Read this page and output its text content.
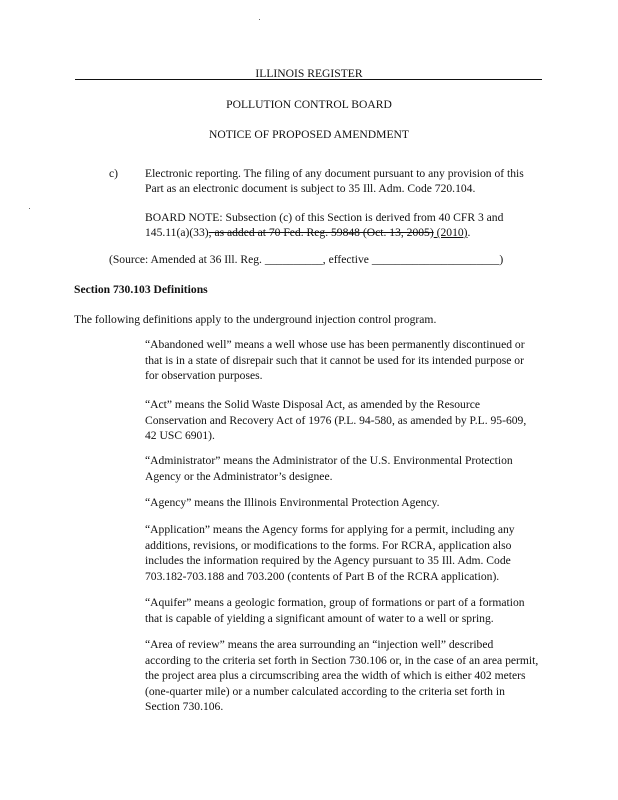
ILLINOIS REGISTER
POLLUTION CONTROL BOARD
NOTICE OF PROPOSED AMENDMENT
c) Electronic reporting. The filing of any document pursuant to any provision of this
Part as an electronic document is subject to 35 Ill. Adm. Code 720.104.
BOARD NOTE: Subsection (c) of this Section is derived from 40 CFR 3 and
145.11(a)(33), as added at 70 Fed. Reg. 59848 (Oct. 13, 2005) (2010).
(Source: Amended at 36 Ill. Reg. __________, effective ______________________)
Section 730.103 Definitions
The following definitions apply to the underground injection control program.
“Abandoned well” means a well whose use has been permanently discontinued or
that is in a state of disrepair such that it cannot be used for its intended purpose or
for observation purposes.
“Act” means the Solid Waste Disposal Act, as amended by the Resource
Conservation and Recovery Act of 1976 (P.L. 94-580, as amended by P.L. 95-609,
42 USC 6901).
“Administrator” means the Administrator of the U.S. Environmental Protection
Agency or the Administrator’s designee.
“Agency” means the Illinois Environmental Protection Agency.
“Application” means the Agency forms for applying for a permit, including any
additions, revisions, or modifications to the forms. For RCRA, application also
includes the information required by the Agency pursuant to 35 Ill. Adm. Code
703.182-703.188 and 703.200 (contents of Part B of the RCRA application).
“Aquifer” means a geologic formation, group of formations or part of a formation
that is capable of yielding a significant amount of water to a well or spring.
“Area of review” means the area surrounding an “injection well” described
according to the criteria set forth in Section 730.106 or, in the case of an area permit,
the project area plus a circumscribing area the width of which is either 402 meters
(one-quarter mile) or a number calculated according to the criteria set forth in
Section 730.106.
